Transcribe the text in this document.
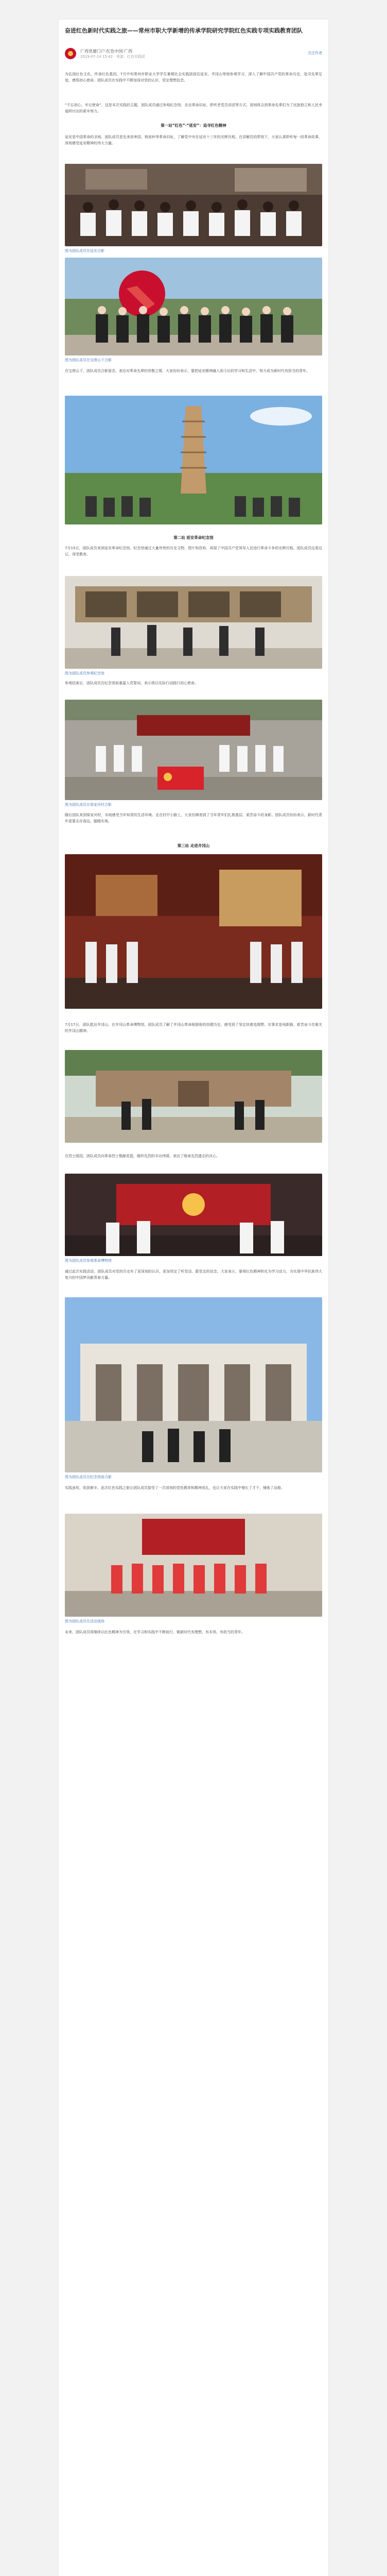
奋进红色新时代实践之旅——常州市职大学新增的传承学院研究学院红色实践专项实践教育团队
广西党建门户·红色中国·广西
2019-07-14 15:42 · 来源：红色实践团
关注作者
为弘扬红色文化、传承红色基因，7月中旬常州市职业大学学生暑期社会实践团前往延安、井冈山等地参观学习，深入了解中国共产党的革命历史，追寻先辈足迹，感悟初心使命。团队成员在实践中不断加深对党的认识，坚定理想信念。
“不忘初心、牢记使命”，这是本次实践的主题。团队成员通过参观纪念馆、走访革命旧址、聆听老党员讲述等方式，深刻体会到革命先辈们为了民族独立和人民幸福所付出的艰辛努力。
第一站“红色”·“延安”：追寻红色精神
延安是中国革命的圣地。团队成员首先来到枣园、杨家岭等革命旧址，了解党中央在延安十三年的光辉历程。在讲解员的带领下，大家认真聆听每一段革命故事，深刻感受延安精神的伟大力量。
图为团队成员在延安合影
图为团队成员在宝塔山下合影
在宝塔山下，团队成员合影留念，表达对革命先辈的崇敬之情。大家纷纷表示，要把延安精神融入到今后的学习和生活中，努力成为新时代有担当的青年。
第二站 延安革命纪念馆
7月15日，团队成员来到延安革命纪念馆。纪念馆通过大量珍贵的历史文物、图片和资料，再现了中国共产党领导人民进行革命斗争的光辉历程。团队成员边看边记，深受教育。
图为团队成员参观纪念馆
参观结束后，团队成员在纪念馆前重温入党誓词，表示将以实际行动践行初心使命。
图为团队成员在梁家河村合影
随后团队来到梁家河村，实地感受当年知青的生活环境。走在村中小路上，大家仿佛看到了当年青年们扎根基层、艰苦奋斗的身影。团队成员纷纷表示，新时代青年更要志存高远，脚踏实地。
第三站 走进井冈山
7月17日，团队抵达井冈山。在井冈山革命博物馆，团队成员了解了井冈山革命根据地的创建历史，感受到了坚定执着追理想、实事求是闯新路、艰苦奋斗攻难关的井冈山精神。
在烈士陵园，团队成员向革命烈士敬献花篮，缅怀先烈的丰功伟绩，表达了继承先烈遗志的决心。
图为团队成员参观革命博物馆
通过此次实践活动，团队成员对党的历史有了更深刻的认识，更加坚定了听党话、跟党走的信念。大家表示，要将红色精神转化为学习动力，为实现中华民族伟大复兴的中国梦贡献青春力量。
图为团队成员在纪念馆前合影
实践虽短，收获颇丰。此次红色实践之旅让团队成员接受了一次深刻的党性教育和精神洗礼，也让大家在实践中增长了才干、锤炼了品格。
图为团队成员在活动现场
未来，团队成员将继续以红色精神为引领，在学习和实践中不断前行，做新时代有理想、有本领、有担当的青年。
